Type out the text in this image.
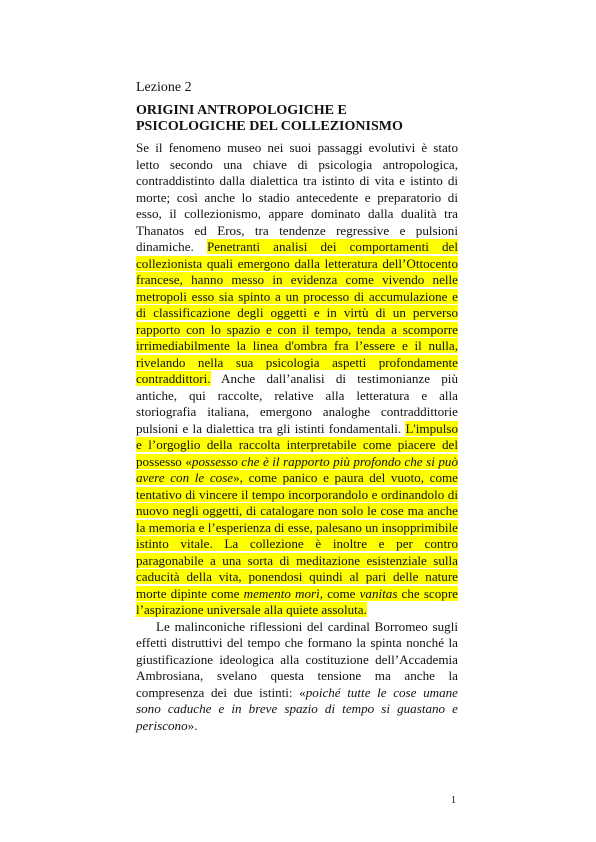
Lezione 2
ORIGINI ANTROPOLOGICHE E
PSICOLOGICHE DEL COLLEZIONISMO

Se il fenomeno museo nei suoi passaggi evolutivi è stato letto secondo una chiave di psicologia antropologica, contraddistinto dalla dialettica tra istinto di vita e istinto di morte; così anche lo stadio antecedente e preparatorio di esso, il collezionismo, appare dominato dalla dualità tra Thanatos ed Eros, tra tendenze regressive e pulsioni dinamiche. Penetranti analisi dei comportamenti del collezionista quali emergono dalla letteratura dell’Ottocento francese, hanno messo in evidenza come vivendo nelle metropoli esso sia spinto a un processo di accumulazione e di classificazione degli oggetti e in virtù di un perverso rapporto con lo spazio e con il tempo, tenda a scomporre irrimediabilmente la linea d'ombra fra l’essere e il nulla, rivelando nella sua psicologia aspetti profondamente contraddittori. Anche dall’analisi di testimonianze più antiche, qui raccolte, relative alla letteratura e alla storiografia italiana, emergono analoghe contraddittorie pulsioni e la dialettica tra gli istinti fondamentali. L'impulso e l’orgoglio della raccolta interpretabile come piacere del possesso «possesso che è il rapporto più profondo che si può avere con le cose», come panico e paura del vuoto, come tentativo di vincere il tempo incorporandolo e ordinandolo di nuovo negli oggetti, di catalogare non solo le cose ma anche la memoria e l’esperienza di esse, palesano un insopprimibile istinto vitale. La collezione è inoltre e per contro paragonabile a una sorta di meditazione esistenziale sulla caducità della vita, ponendosi quindi al pari delle nature morte dipinte come memento morì, come vanitas che scopre l’aspirazione universale alla quiete assoluta.

Le malinconiche riflessioni del cardinal Borromeo sugli effetti distruttivi del tempo che formano la spinta nonché la giustificazione ideologica alla costituzione dell’Accademia Ambrosiana, svelano questa tensione ma anche la compresenza dei due istinti: «poiché tutte le cose umane sono caduche e in breve spazio di tempo si guastano e periscono».

1
